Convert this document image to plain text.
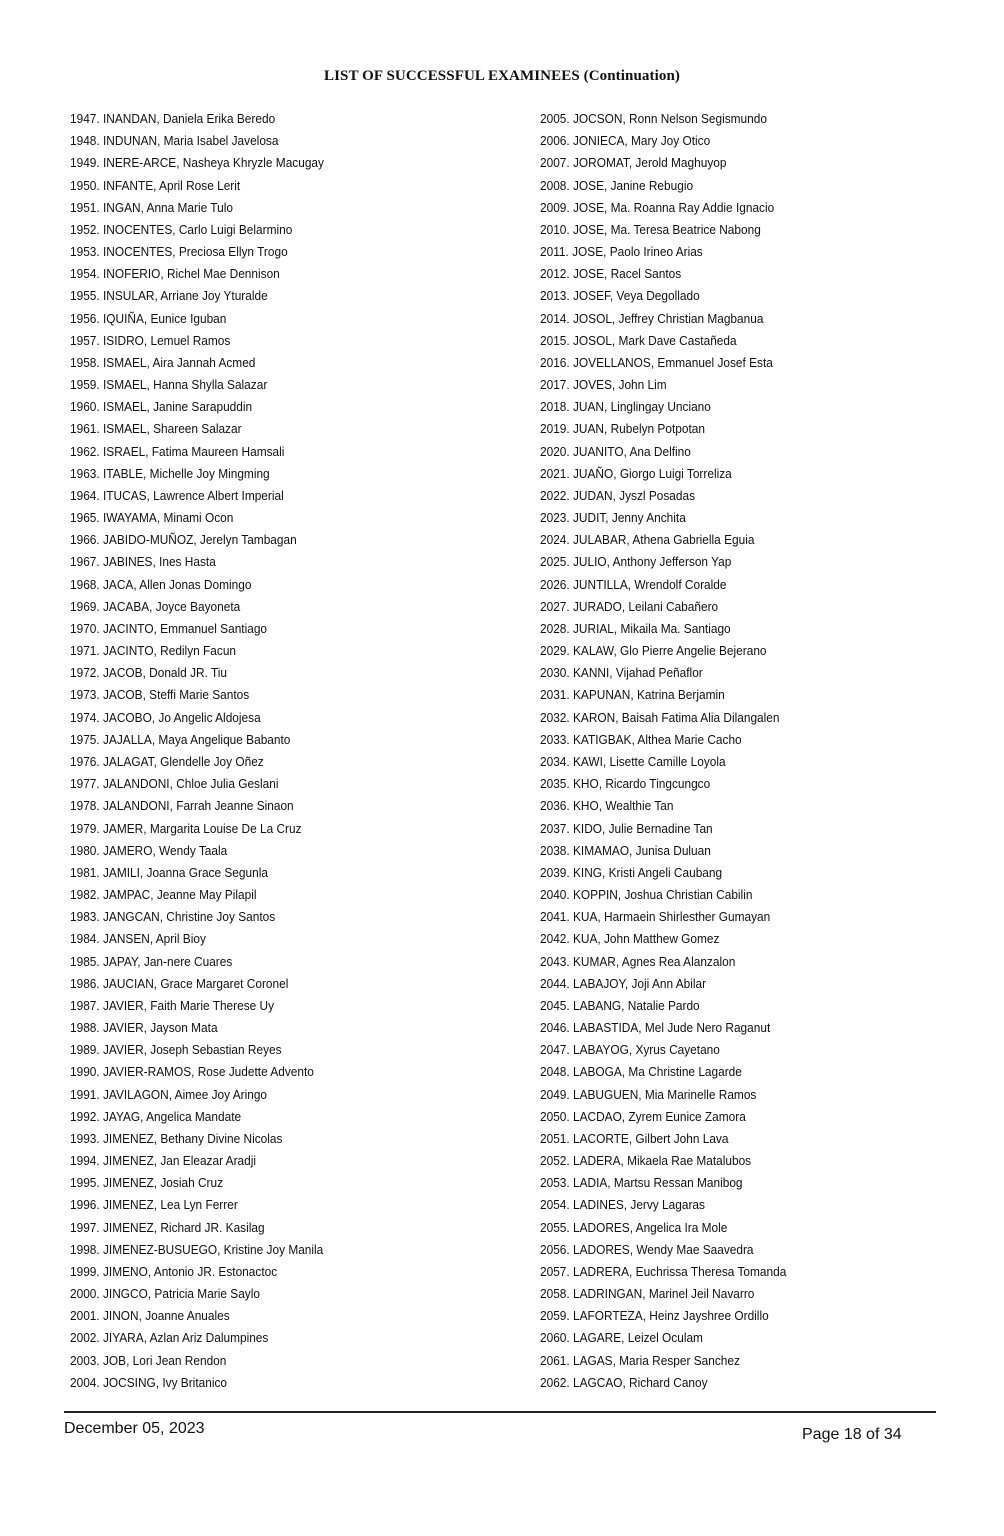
LIST OF SUCCESSFUL EXAMINEES (Continuation)
1947. INANDAN, Daniela Erika Beredo
1948. INDUNAN, Maria Isabel Javelosa
1949. INERE-ARCE, Nasheya Khryzle Macugay
1950. INFANTE, April Rose Lerit
1951. INGAN, Anna Marie Tulo
1952. INOCENTES, Carlo Luigi Belarmino
1953. INOCENTES, Preciosa Ellyn Trogo
1954. INOFERIO, Richel Mae Dennison
1955. INSULAR, Arriane Joy Yturalde
1956. IQUIÑA, Eunice Iguban
1957. ISIDRO, Lemuel Ramos
1958. ISMAEL, Aira Jannah Acmed
1959. ISMAEL, Hanna Shylla Salazar
1960. ISMAEL, Janine Sarapuddin
1961. ISMAEL, Shareen Salazar
1962. ISRAEL, Fatima Maureen Hamsali
1963. ITABLE, Michelle Joy Mingming
1964. ITUCAS, Lawrence Albert Imperial
1965. IWAYAMA, Minami Ocon
1966. JABIDO-MUÑOZ, Jerelyn Tambagan
1967. JABINES, Ines Hasta
1968. JACA, Allen Jonas Domingo
1969. JACABA, Joyce Bayoneta
1970. JACINTO, Emmanuel Santiago
1971. JACINTO, Redilyn Facun
1972. JACOB, Donald JR. Tiu
1973. JACOB, Steffi Marie Santos
1974. JACOBO, Jo Angelic Aldojesa
1975. JAJALLA, Maya Angelique Babanto
1976. JALAGAT, Glendelle Joy Oñez
1977. JALANDONI, Chloe Julia Geslani
1978. JALANDONI, Farrah Jeanne Sinaon
1979. JAMER, Margarita Louise De La Cruz
1980. JAMERO, Wendy Taala
1981. JAMILI, Joanna Grace Segunla
1982. JAMPAC, Jeanne May Pilapil
1983. JANGCAN, Christine Joy Santos
1984. JANSEN, April Bioy
1985. JAPAY, Jan-nere Cuares
1986. JAUCIAN, Grace Margaret Coronel
1987. JAVIER, Faith Marie Therese Uy
1988. JAVIER, Jayson Mata
1989. JAVIER, Joseph Sebastian Reyes
1990. JAVIER-RAMOS, Rose Judette Advento
1991. JAVILAGON, Aimee Joy Aringo
1992. JAYAG, Angelica Mandate
1993. JIMENEZ, Bethany Divine Nicolas
1994. JIMENEZ, Jan Eleazar Aradji
1995. JIMENEZ, Josiah Cruz
1996. JIMENEZ, Lea Lyn Ferrer
1997. JIMENEZ, Richard JR. Kasilag
1998. JIMENEZ-BUSUEGO, Kristine Joy Manila
1999. JIMENO, Antonio JR. Estonactoc
2000. JINGCO, Patricia Marie Saylo
2001. JINON, Joanne Anuales
2002. JIYARA, Azlan Ariz Dalumpines
2003. JOB, Lori Jean Rendon
2004. JOCSING, Ivy Britanico
2005. JOCSON, Ronn Nelson Segismundo
2006. JONIECA, Mary Joy Otico
2007. JOROMAT, Jerold Maghuyop
2008. JOSE, Janine Rebugio
2009. JOSE, Ma. Roanna Ray Addie Ignacio
2010. JOSE, Ma. Teresa Beatrice Nabong
2011. JOSE, Paolo Irineo Arias
2012. JOSE, Racel Santos
2013. JOSEF, Veya Degollado
2014. JOSOL, Jeffrey Christian Magbanua
2015. JOSOL, Mark Dave Castañeda
2016. JOVELLANOS, Emmanuel Josef Esta
2017. JOVES, John Lim
2018. JUAN, Linglingay Unciano
2019. JUAN, Rubelyn Potpotan
2020. JUANITO, Ana Delfino
2021. JUAÑO, Giorgo Luigi Torreliza
2022. JUDAN, Jyszl Posadas
2023. JUDIT, Jenny Anchita
2024. JULABAR, Athena Gabriella Eguia
2025. JULIO, Anthony Jefferson Yap
2026. JUNTILLA, Wrendolf Coralde
2027. JURADO, Leilani Cabañero
2028. JURIAL, Mikaila Ma. Santiago
2029. KALAW, Glo Pierre Angelie Bejerano
2030. KANNI, Vijahad Peñaflor
2031. KAPUNAN, Katrina Berjamin
2032. KARON, Baisah Fatima Alia Dilangalen
2033. KATIGBAK, Althea Marie Cacho
2034. KAWI, Lisette Camille Loyola
2035. KHO, Ricardo Tingcungco
2036. KHO, Wealthie Tan
2037. KIDO, Julie Bernadine Tan
2038. KIMAMAO, Junisa Duluan
2039. KING, Kristi Angeli Caubang
2040. KOPPIN, Joshua Christian Cabilin
2041. KUA, Harmaein Shirlesther Gumayan
2042. KUA, John Matthew Gomez
2043. KUMAR, Agnes Rea Alanzalon
2044. LABAJOY, Joji Ann Abilar
2045. LABANG, Natalie Pardo
2046. LABASTIDA, Mel Jude Nero Raganut
2047. LABAYOG, Xyrus Cayetano
2048. LABOGA, Ma Christine Lagarde
2049. LABUGUEN, Mia Marinelle Ramos
2050. LACDAO, Zyrem Eunice Zamora
2051. LACORTE, Gilbert John Lava
2052. LADERA, Mikaela Rae Matalubos
2053. LADIA, Martsu Ressan Manibog
2054. LADINES, Jervy Lagaras
2055. LADORES, Angelica Ira Mole
2056. LADORES, Wendy Mae Saavedra
2057. LADRERA, Euchrissa Theresa Tomanda
2058. LADRINGAN, Marinel Jeil Navarro
2059. LAFORTEZA, Heinz Jayshree Ordillo
2060. LAGARE, Leizel Oculam
2061. LAGAS, Maria Resper Sanchez
2062. LAGCAO, Richard Canoy
December 05, 2023	Page 18 of 34
